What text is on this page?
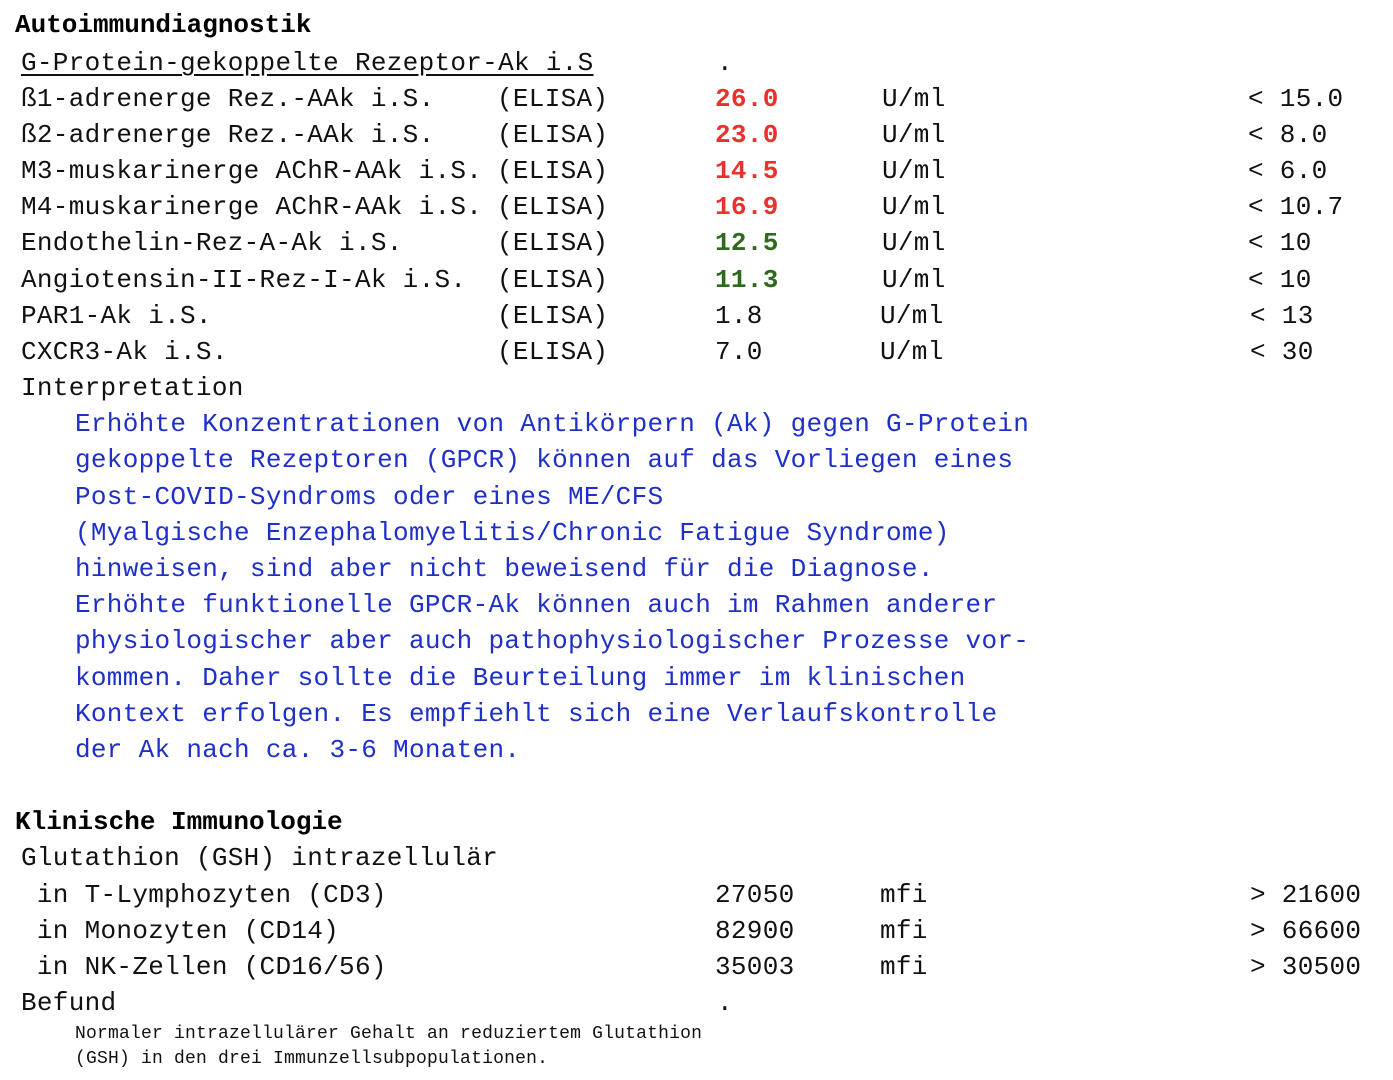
Autoimmundiagnostik
G-Protein-gekoppelte Rezeptor-Ak i.S	.
ß1-adrenerge Rez.-AAk i.S. (ELISA)	26.0	U/ml	< 15.0
ß2-adrenerge Rez.-AAk i.S. (ELISA)	23.0	U/ml	< 8.0
M3-muskarinerge AChR-AAk i.S. (ELISA)	14.5	U/ml	< 6.0
M4-muskarinerge AChR-AAk i.S. (ELISA)	16.9	U/ml	< 10.7
Endothelin-Rez-A-Ak i.S.	(ELISA)	12.5	U/ml	< 10
Angiotensin-II-Rez-I-Ak i.S. (ELISA)	11.3	U/ml	< 10
PAR1-Ak i.S.	(ELISA)	1.8	U/ml	< 13
CXCR3-Ak i.S.	(ELISA)	7.0	U/ml	< 30
Interpretation
Erhöhte Konzentrationen von Antikörpern (Ak) gegen G-Protein
gekoppelte Rezeptoren (GPCR) können auf das Vorliegen eines
Post-COVID-Syndroms oder eines ME/CFS
(Myalgische Enzephalomyelitis/Chronic Fatigue Syndrome)
hinweisen, sind aber nicht beweisend für die Diagnose.
Erhöhte funktionelle GPCR-Ak können auch im Rahmen anderer
physiologischer aber auch pathophysiologischer Prozesse vor-
kommen. Daher sollte die Beurteilung immer im klinischen
Kontext erfolgen. Es empfiehlt sich eine Verlaufskontrolle
der Ak nach ca. 3-6 Monaten.
Klinische Immunologie
Glutathion (GSH) intrazellulär
in T-Lymphozyten (CD3)	27050	mfi	> 21600
in Monozyten (CD14)	82900	mfi	> 66600
in NK-Zellen (CD16/56)	35003	mfi	> 30500
Befund	.
Normaler intrazellulärer Gehalt an reduziertem Glutathion
(GSH) in den drei Immunzellsubpopulationen.
